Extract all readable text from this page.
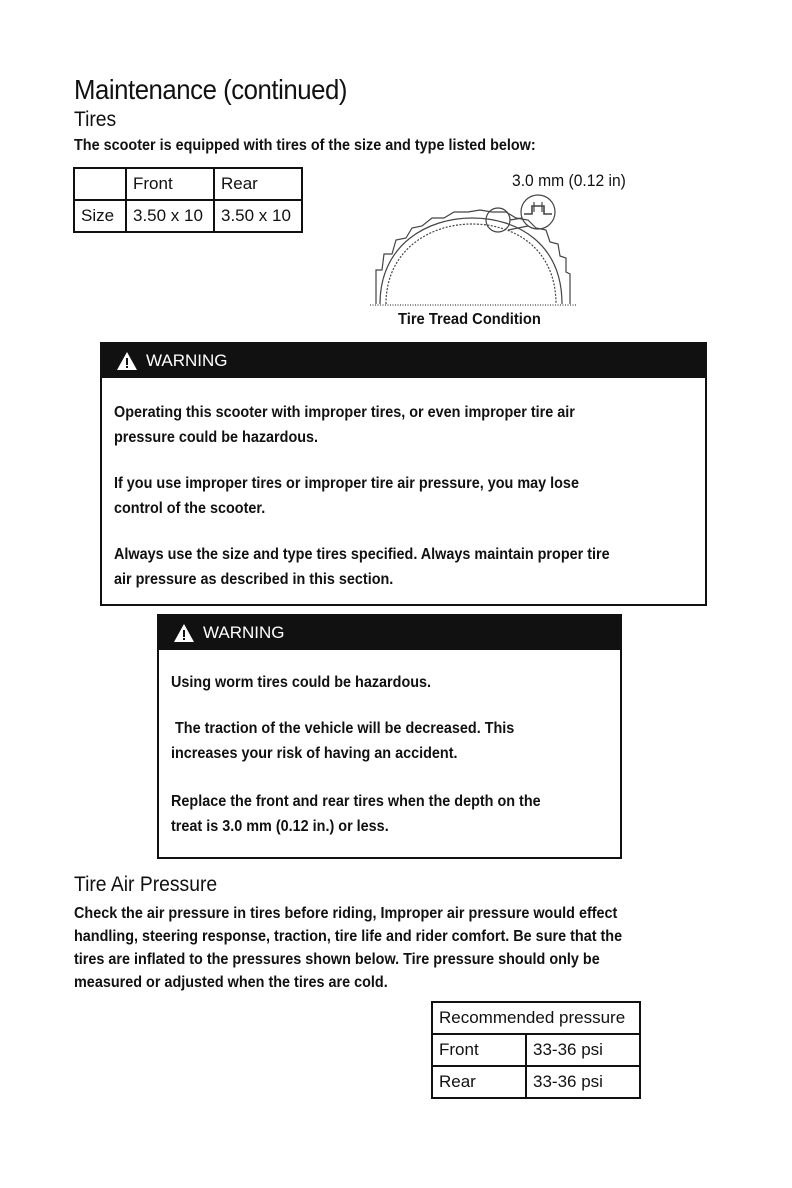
Maintenance (continued)
Tires
The scooter is equipped with tires of the size and type listed below:
	Front	Rear
Size	3.50 x 10	3.50 x 10
3.0 mm (0.12 in)
Tire Tread Condition
WARNING

Operating this scooter with improper tires, or even improper tire air

pressure could be hazardous.

If you use improper tires or improper tire air pressure, you may lose

control of the scooter.

Always use the size and type tires specified. Always maintain proper tire

air pressure as described in this section.

WARNING

Using worm tires could be hazardous.

The traction of the vehicle will be decreased. This

increases your risk of having an accident.

Replace the front and rear tires when the depth on the

treat is 3.0 mm (0.12 in.) or less.

Tire Air Pressure
Check the air pressure in tires before riding, Improper air pressure would effect
handling, steering response, traction, tire life and rider comfort. Be sure that the
tires are inflated to the pressures shown below. Tire pressure should only be
measured or adjusted when the tires are cold.
Recommended pressure	
Front	33-36 psi
Rear	33-36 psi
